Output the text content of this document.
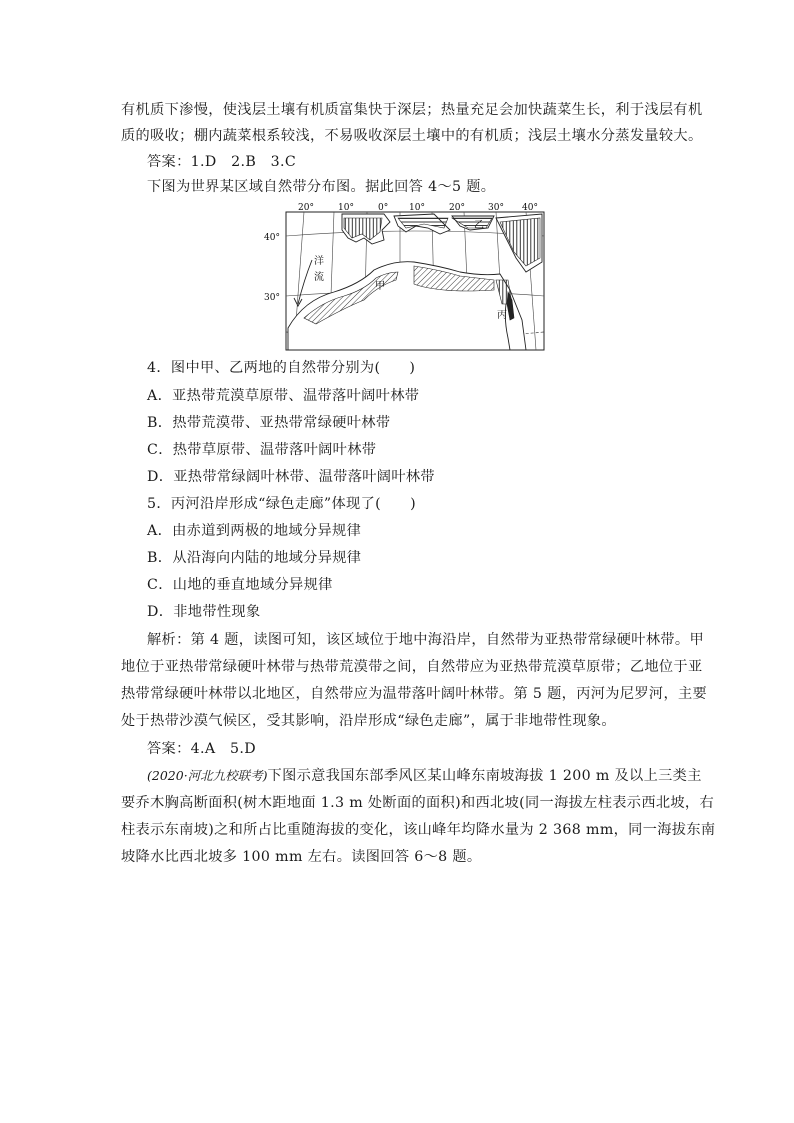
有机质下渗慢，使浅层土壤有机质富集快于深层；热量充足会加快蔬菜生长，利于浅层有机
质的吸收；棚内蔬菜根系较浅，不易吸收深层土壤中的有机质；浅层土壤水分蒸发量较大。
答案：1.D　2.B　3.C
下图为世界某区域自然带分布图。据此回答 4～5 题。
20°	10°	0° 10°	20°	30° 40°
40°
30°
洋
流
甲
乙
丙
4．图中甲、乙两地的自然带分别为(　　)
A．亚热带荒漠草原带、温带落叶阔叶林带
B．热带荒漠带、亚热带常绿硬叶林带
C．热带草原带、温带落叶阔叶林带
D．亚热带常绿阔叶林带、温带落叶阔叶林带
5．丙河沿岸形成“绿色走廊”体现了(　　)
A．由赤道到两极的地域分异规律
B．从沿海向内陆的地域分异规律
C．山地的垂直地域分异规律
D．非地带性现象
解析：第 4 题，读图可知，该区域位于地中海沿岸，自然带为亚热带常绿硬叶林带。甲
地位于亚热带常绿硬叶林带与热带荒漠带之间，自然带应为亚热带荒漠草原带；乙地位于亚
热带常绿硬叶林带以北地区，自然带应为温带落叶阔叶林带。第 5 题，丙河为尼罗河，主要
处于热带沙漠气候区，受其影响，沿岸形成“绿色走廊”，属于非地带性现象。
答案：4.A　5.D
(2020·河北九校联考)下图示意我国东部季风区某山峰东南坡海拔 1 200 m 及以上三类主
要乔木胸高断面积(树木距地面 1.3 m 处断面的面积)和西北坡(同一海拔左柱表示西北坡，右
柱表示东南坡)之和所占比重随海拔的变化，该山峰年均降水量为 2 368 mm，同一海拔东南
坡降水比西北坡多 100 mm 左右。读图回答 6～8 题。
